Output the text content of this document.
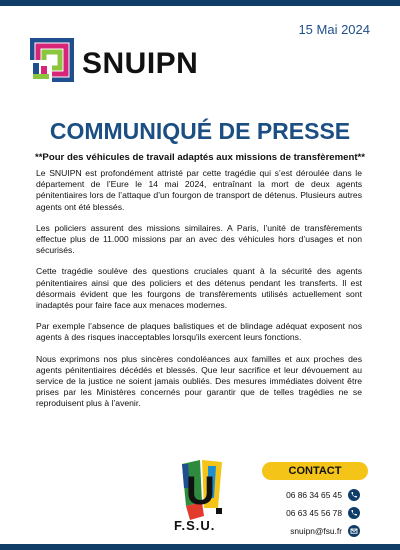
15 Mai 2024
SNUIPN
COMMUNIQUÉ DE PRESSE
**Pour des véhicules de travail adaptés aux missions de transfèrement**

Le SNUIPN est profondément attristé par cette tragédie qui s’est déroulée dans le département de l’Eure le 14 mai 2024, entraînant la mort de deux agents pénitentiaires lors de l’attaque d’un fourgon de transport de détenus. Plusieurs autres agents ont été blessés.

Les policiers assurent des missions similaires. A Paris, l’unité de transfèrements effectue plus de 11.000 missions par an avec des véhicules hors d’usages et non sécurisés.

Cette tragédie soulève des questions cruciales quant à la sécurité des agents pénitentiaires ainsi que des policiers et des détenus pendant les transferts. Il est désormais évident que les fourgons de transfèrements utilisés actuellement sont inadaptés pour faire face aux menaces modernes.

Par exemple l’absence de plaques balistiques et de blindage adéquat exposent nos agents à des risques inacceptables lorsqu'ils exercent leurs fonctions.

Nous exprimons nos plus sincères condoléances aux familles et aux proches des agents pénitentiaires décédés et blessés. Que leur sacrifice et leur dévouement au service de la justice ne soient jamais oubliés. Des mesures immédiates doivent être prises par les Ministères concernés pour garantir que de telles tragédies ne se reproduisent plus à l’avenir.

U
F.S.U.
CONTACT
06 86 34 65 45
06 63 45 56 78
snuipn@fsu.fr
